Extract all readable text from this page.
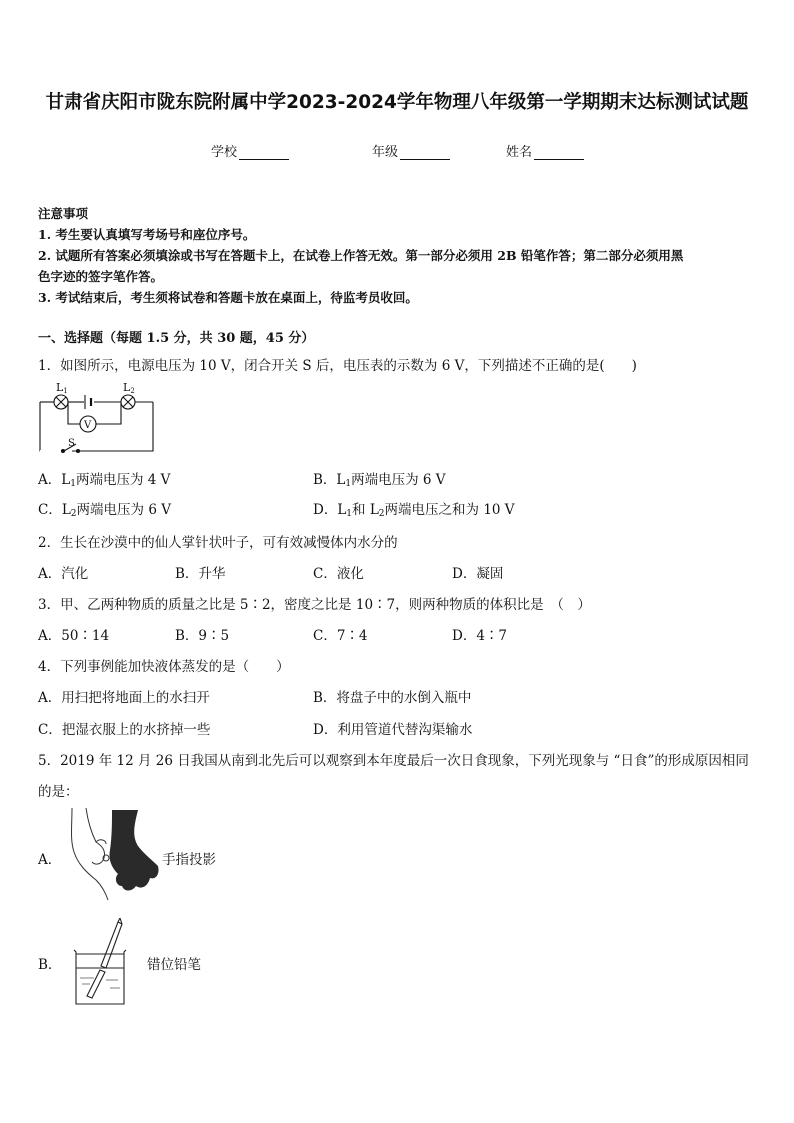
甘肃省庆阳市陇东院附属中学2023-2024学年物理八年级第一学期期末达标测试试题
学校	年级	姓名
注意事项
1. 考生要认真填写考场号和座位序号。
2. 试题所有答案必须填涂或书写在答题卡上，在试卷上作答无效。第一部分必须用 2B 铅笔作答；第二部分必须用黑
色字迹的签字笔作答。
3. 考试结束后，考生须将试卷和答题卡放在桌面上，待监考员收回。
一、选择题（每题 1.5 分，共 30 题，45 分）
1．如图所示，电源电压为 10 V，闭合开关 S 后，电压表的示数为 6 V，下列描述不正确的是(　　)
L1	L2
V
S
A．$L_1$两端电压为 4 V	B．$L_1$两端电压为 6 V
C．$L_2$两端电压为 6 V	D．$L_1$和 $L_2$两端电压之和为 10 V
2．生长在沙漠中的仙人掌针状叶子，可有效减慢体内水分的
A．汽化	B．升华	C．液化	D．凝固
3．甲、乙两种物质的质量之比是 5∶2，密度之比是 10∶7，则两种物质的体积比是　（　）
A．50∶14	B．9∶5	C．7∶4	D．4∶7
4．下列事例能加快液体蒸发的是（　　）
A．用扫把将地面上的水扫开	B．将盘子中的水倒入瓶中
C．把湿衣服上的水挤掉一些	D．利用管道代替沟渠输水
5．2019 年 12 月 26 日我国从南到北先后可以观察到本年度最后一次日食现象，下列光现象与 “日食”的形成原因相同
的是：
A．	手指投影
B．	错位铅笔
